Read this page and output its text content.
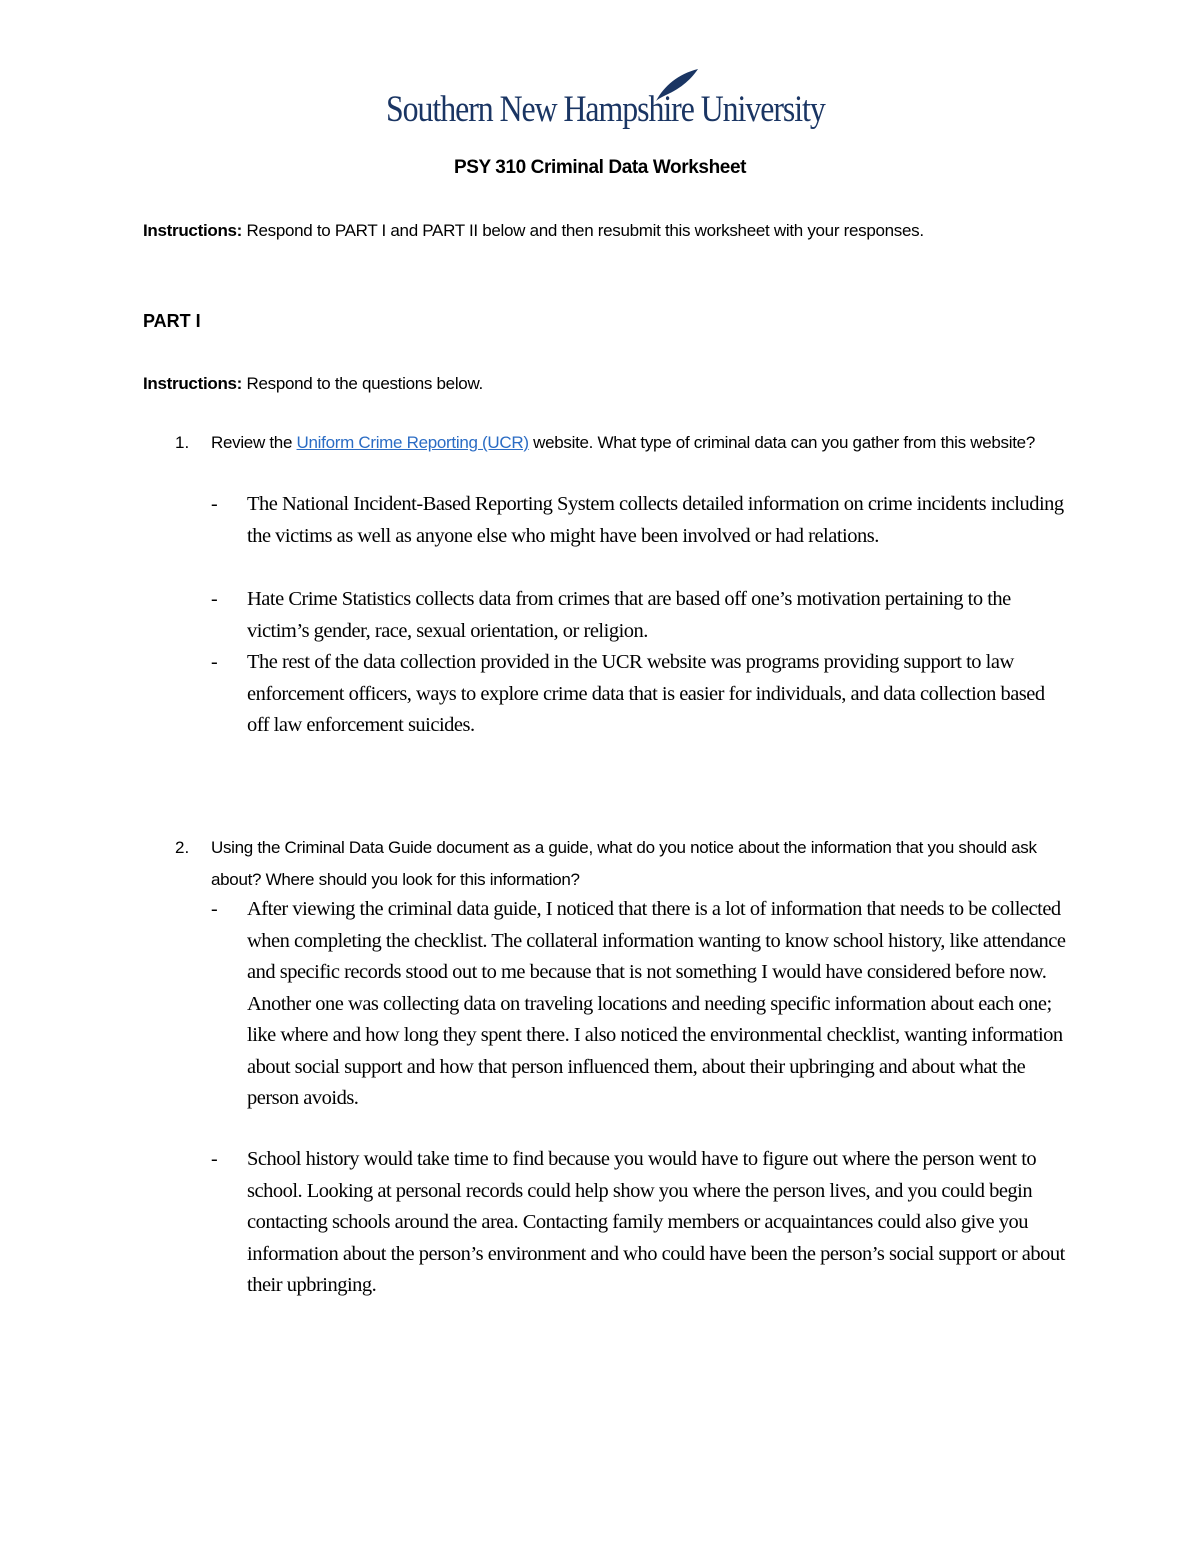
Southern New Hampshire University
PSY 310 Criminal Data Worksheet
Instructions: Respond to PART I and PART II below and then resubmit this worksheet with your responses.
PART I
Instructions: Respond to the questions below.
1. Review the Uniform Crime Reporting (UCR) website. What type of criminal data can you gather from this website?
- The National Incident-Based Reporting System collects detailed information on crime incidents including the victims as well as anyone else who might have been involved or had relations.
- Hate Crime Statistics collects data from crimes that are based off one’s motivation pertaining to the victim’s gender, race, sexual orientation, or religion.
- The rest of the data collection provided in the UCR website was programs providing support to law enforcement officers, ways to explore crime data that is easier for individuals, and data collection based off law enforcement suicides.
2. Using the Criminal Data Guide document as a guide, what do you notice about the information that you should ask about? Where should you look for this information?
- After viewing the criminal data guide, I noticed that there is a lot of information that needs to be collected when completing the checklist. The collateral information wanting to know school history, like attendance and specific records stood out to me because that is not something I would have considered before now. Another one was collecting data on traveling locations and needing specific information about each one; like where and how long they spent there. I also noticed the environmental checklist, wanting information about social support and how that person influenced them, about their upbringing and about what the person avoids.
- School history would take time to find because you would have to figure out where the person went to school. Looking at personal records could help show you where the person lives, and you could begin contacting schools around the area. Contacting family members or acquaintances could also give you information about the person’s environment and who could have been the person’s social support or about their upbringing.
